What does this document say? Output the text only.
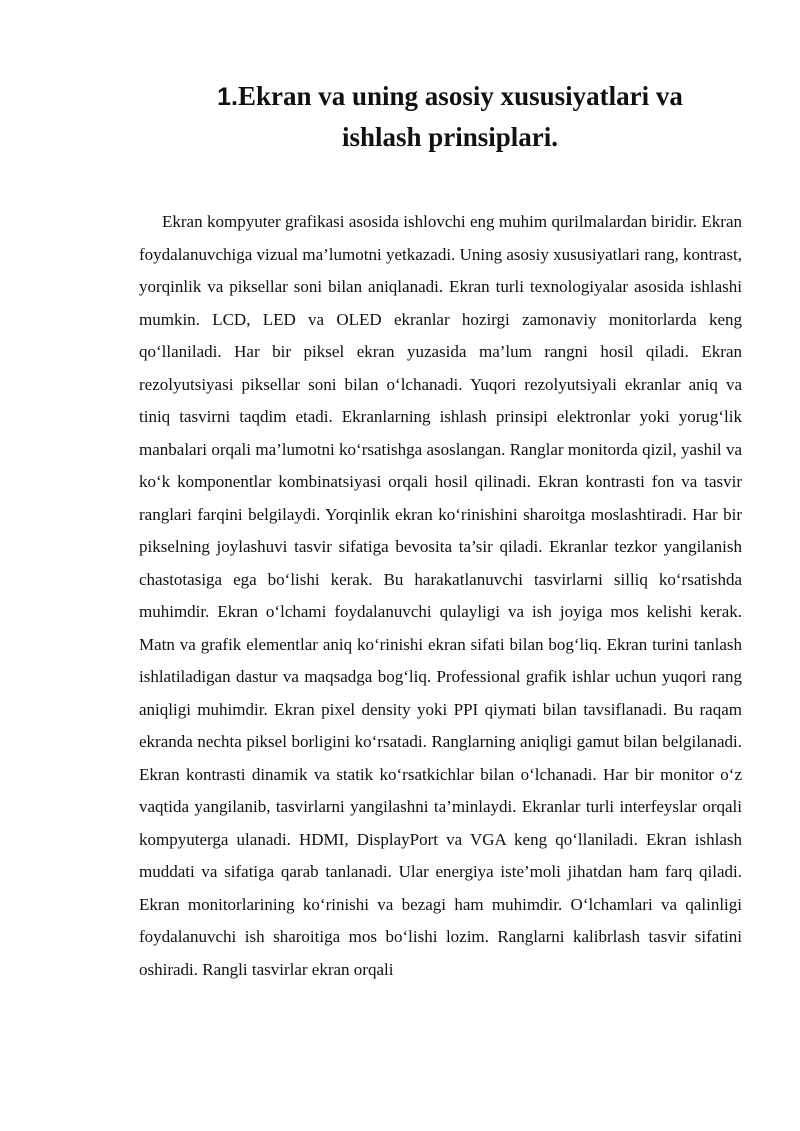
1.Ekran va uning asosiy xususiyatlari va
ishlash prinsiplari.

Ekran kompyuter grafikasi asosida ishlovchi eng muhim qurilmalardan biridir. Ekran foydalanuvchiga vizual ma’lumotni yetkazadi. Uning asosiy xususiyatlari rang, kontrast, yorqinlik va piksellar soni bilan aniqlanadi. Ekran turli texnologiyalar asosida ishlashi mumkin. LCD, LED va OLED ekranlar hozirgi zamonaviy monitorlarda keng qo‘llaniladi. Har bir piksel ekran yuzasida ma’lum rangni hosil qiladi. Ekran rezolyutsiyasi piksellar soni bilan o‘lchanadi. Yuqori rezolyutsiyali ekranlar aniq va tiniq tasvirni taqdim etadi. Ekranlarning ishlash prinsipi elektronlar yoki yorug‘lik manbalari orqali ma’lumotni ko‘rsatishga asoslangan. Ranglar monitorda qizil, yashil va ko‘k komponentlar kombinatsiyasi orqali hosil qilinadi. Ekran kontrasti fon va tasvir ranglari farqini belgilaydi. Yorqinlik ekran ko‘rinishini sharoitga moslashtiradi. Har bir pikselning joylashuvi tasvir sifatiga bevosita ta’sir qiladi. Ekranlar tezkor yangilanish chastotasiga ega bo‘lishi kerak. Bu harakatlanuvchi tasvirlarni silliq ko‘rsatishda muhimdir. Ekran o‘lchami foydalanuvchi qulayligi va ish joyiga mos kelishi kerak. Matn va grafik elementlar aniq ko‘rinishi ekran sifati bilan bog‘liq. Ekran turini tanlash ishlatiladigan dastur va maqsadga bog‘liq. Professional grafik ishlar uchun yuqori rang aniqligi muhimdir. Ekran pixel density yoki PPI qiymati bilan tavsiflanadi. Bu raqam ekranda nechta piksel borligini ko‘rsatadi. Ranglarning aniqligi gamut bilan belgilanadi. Ekran kontrasti dinamik va statik ko‘rsatkichlar bilan o‘lchanadi. Har bir monitor o‘z vaqtida yangilanib, tasvirlarni yangilashni ta’minlaydi. Ekranlar turli interfeyslar orqali kompyuterga ulanadi. HDMI, DisplayPort va VGA keng qo‘llaniladi. Ekran ishlash muddati va sifatiga qarab tanlanadi. Ular energiya iste’moli jihatdan ham farq qiladi. Ekran monitorlarining ko‘rinishi va bezagi ham muhimdir. O‘lchamlari va qalinligi foydalanuvchi ish sharoitiga mos bo‘lishi lozim. Ranglarni kalibrlash tasvir sifatini oshiradi. Rangli tasvirlar ekran orqali
